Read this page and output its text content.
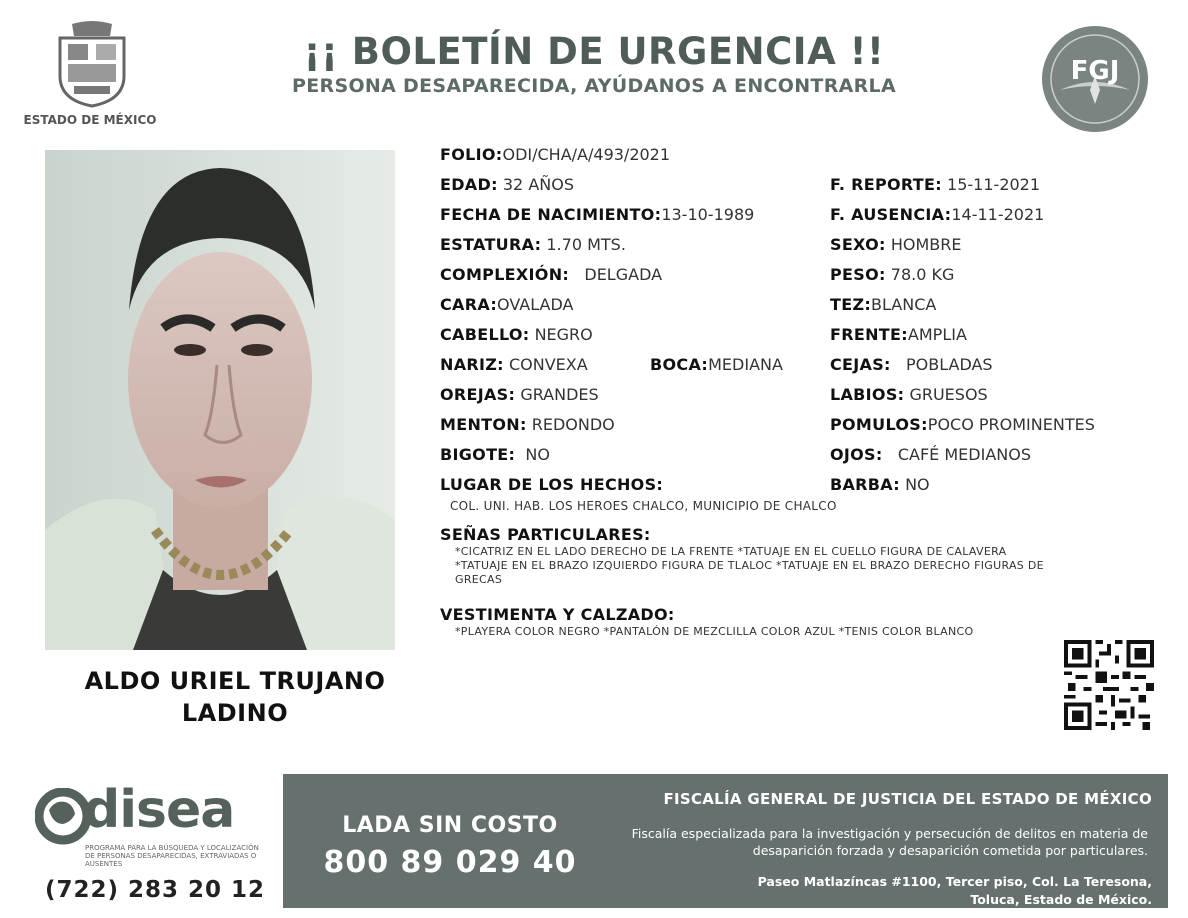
ESTADO DE MÉXICO
¡¡ BOLETÍN DE URGENCIA !!
PERSONA DESAPARECIDA, AYÚDANOS A ENCONTRARLA	FGJ
ALDO URIEL TRUJANO
LADINO
FOLIO:ODI/CHA/A/493/2021
EDAD: 32 AÑOS	F. REPORTE: 15-11-2021
FECHA DE NACIMIENTO:13-10-1989	F. AUSENCIA:14-11-2021
ESTATURA: 1.70 MTS.	SEXO: HOMBRE
COMPLEXIÓN: DELGADA	PESO: 78.0 KG
CARA:OVALADA	TEZ:BLANCA
CABELLO: NEGRO	FRENTE:AMPLIA
NARIZ: CONVEXA	BOCA:MEDIANA	CEJAS: POBLADAS
OREJAS: GRANDES	LABIOS: GRUESOS
MENTON: REDONDO	POMULOS:POCO PROMINENTES
BIGOTE: NO	OJOS: CAFÉ MEDIANOS
LUGAR DE LOS HECHOS:	BARBA: NO
COL. UNI. HAB. LOS HEROES CHALCO, MUNICIPIO DE CHALCO
SEÑAS PARTICULARES:
*CICATRIZ EN EL LADO DERECHO DE LA FRENTE *TATUAJE EN EL CUELLO FIGURA DE CALAVERA
*TATUAJE EN EL BRAZO IZQUIERDO FIGURA DE TLALOC *TATUAJE EN EL BRAZO DERECHO FIGURAS DE
GRECAS
VESTIMENTA Y CALZADO:
*PLAYERA COLOR NEGRO *PANTALÓN DE MEZCLILLA COLOR AZUL *TENIS COLOR BLANCO
disea
PROGRAMA PARA LA BÚSQUEDA Y LOCALIZACIÓN DE PERSONAS DESAPARECIDAS, EXTRAVIADAS O AUSENTES
(722) 283 20 12
LADA SIN COSTO
800 89 029 40
FISCALÍA GENERAL DE JUSTICIA DEL ESTADO DE MÉXICO
Fiscalía especializada para la investigación y persecución de delitos en materia de desaparición forzada y desaparición cometida por particulares.
Paseo Matlazíncas #1100, Tercer piso, Col. La Teresona,
Toluca, Estado de México.
